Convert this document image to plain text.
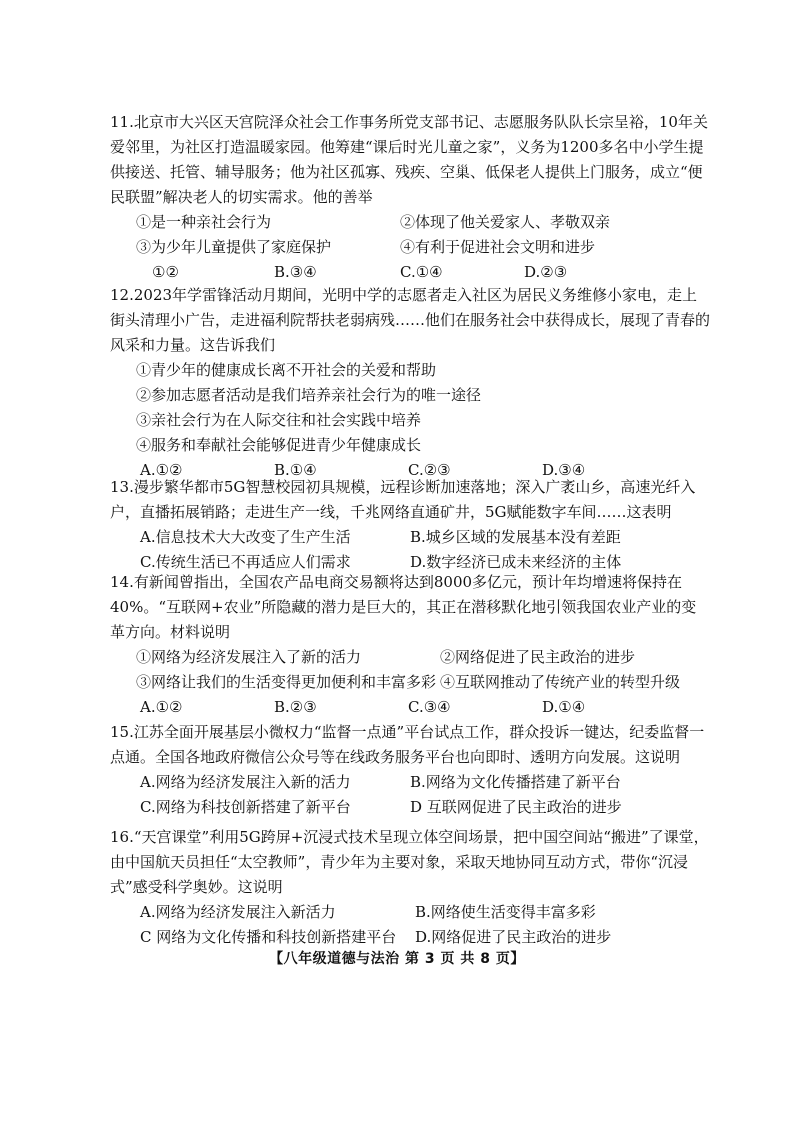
11.北京市大兴区天宫院泽众社会工作事务所党支部书记、志愿服务队队长宗呈裕，10年关爱邻里，为社区打造温暖家园。他筹建“课后时光儿童之家”，义务为1200多名中小学生提供接送、托管、辅导服务；他为社区孤寡、残疾、空巢、低保老人提供上门服务，成立“便民联盟”解决老人的切实需求。他的善举
①是一种亲社会行为	②体现了他关爱家人、孝敬双亲
③为少年儿童提供了家庭保护	④有利于促进社会文明和进步
①②	B.③④	C.①④	D.②③
12.2023年学雷锋活动月期间，光明中学的志愿者走入社区为居民义务维修小家电，走上街头清理小广告，走进福利院帮扶老弱病残……他们在服务社会中获得成长，展现了青春的风采和力量。这告诉我们
①青少年的健康成长离不开社会的关爱和帮助
②参加志愿者活动是我们培养亲社会行为的唯一途径
③亲社会行为在人际交往和社会实践中培养
④服务和奉献社会能够促进青少年健康成长
A.①②	B.①④	C.②③	D.③④
13.漫步繁华都市5G智慧校园初具规模，远程诊断加速落地；深入广袤山乡，高速光纤入户，直播拓展销路；走进生产一线，千兆网络直通矿井，5G赋能数字车间……这表明
A.信息技术大大改变了生产生活	B.城乡区域的发展基本没有差距
C.传统生活已不再适应人们需求	D.数字经济已成未来经济的主体
14.有新闻曾指出，全国农产品电商交易额将达到8000多亿元，预计年均增速将保持在40%。“互联网+农业”所隐藏的潜力是巨大的，其正在潜移默化地引领我国农业产业的变革方向。材料说明
①网络为经济发展注入了新的活力	②网络促进了民主政治的进步
③网络让我们的生活变得更加便利和丰富多彩 ④互联网推动了传统产业的转型升级
A.①②	B.②③	C.③④	D.①④
15.江苏全面开展基层小微权力“监督一点通”平台试点工作，群众投诉一键达，纪委监督一点通。全国各地政府微信公众号等在线政务服务平台也向即时、透明方向发展。这说明
A.网络为经济发展注入新的活力	B.网络为文化传播搭建了新平台
C.网络为科技创新搭建了新平台	D 互联网促进了民主政治的进步
16.“天宫课堂”利用5G跨屏+沉浸式技术呈现立体空间场景，把中国空间站“搬进”了课堂，由中国航天员担任“太空教师”，青少年为主要对象，采取天地协同互动方式，带你“沉浸式”感受科学奥妙。这说明
A.网络为经济发展注入新活力	B.网络使生活变得丰富多彩
C 网络为文化传播和科技创新搭建平台 D.网络促进了民主政治的进步
【八年级道德与法治 第 3 页 共 8 页】
